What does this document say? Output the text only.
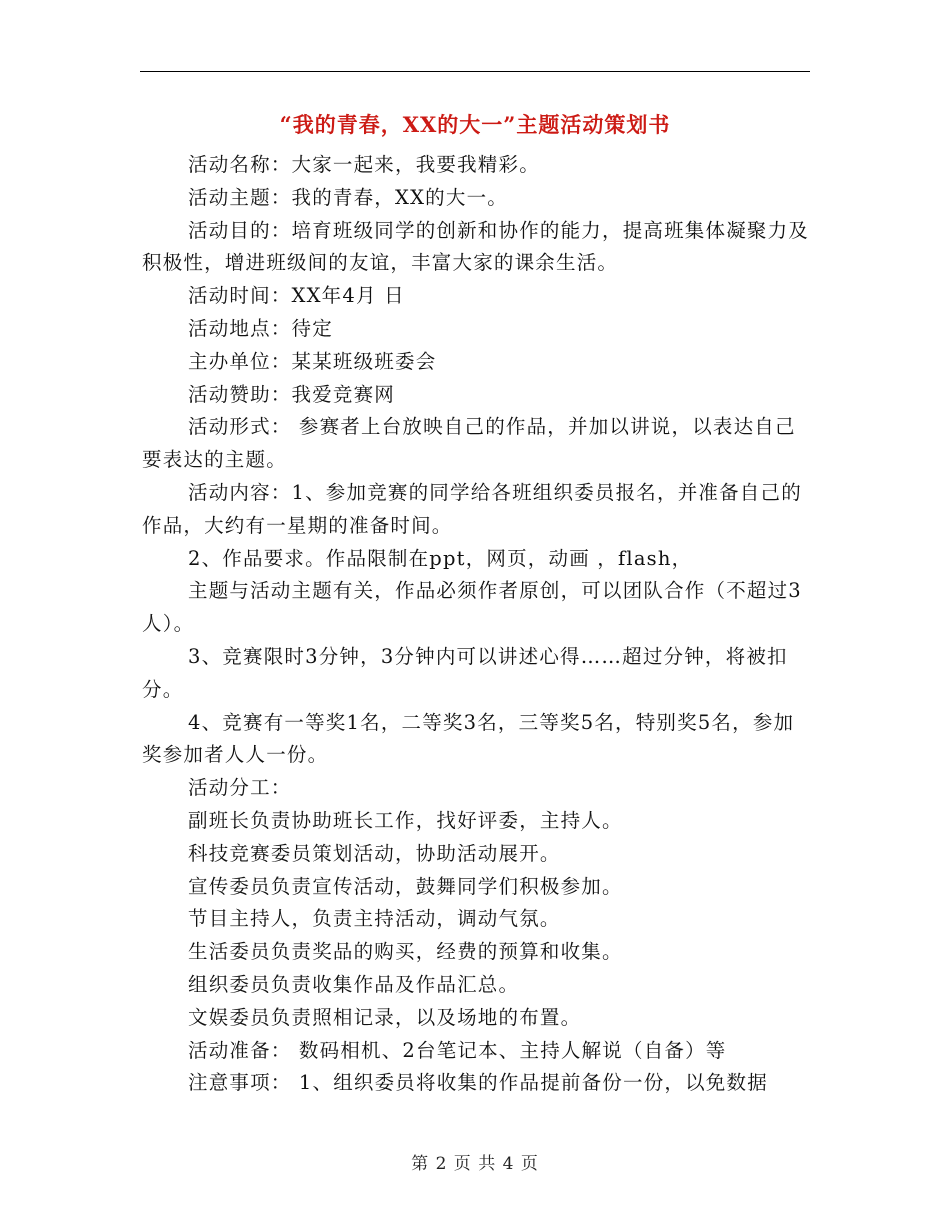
“我的青春，XX的大一”主题活动策划书

活动名称：大家一起来，我要我精彩。

活动主题：我的青春，XX的大一。

活动目的：培育班级同学的创新和协作的能力，提高班集体凝聚力及积极性，增进班级间的友谊，丰富大家的课余生活。

活动时间：XX年4月 日

活动地点：待定

主办单位：某某班级班委会

活动赞助：我爱竞赛网

活动形式： 参赛者上台放映自己的作品，并加以讲说，以表达自己要表达的主题。

活动内容：1、参加竞赛的同学给各班组织委员报名，并准备自己的作品，大约有一星期的准备时间。

2、作品要求。作品限制在ppt，网页，动画 ，flash，

主题与活动主题有关，作品必须作者原创，可以团队合作（不超过3人）。

3、竞赛限时3分钟，3分钟内可以讲述心得……超过分钟，将被扣分。

4、竞赛有一等奖1名，二等奖3名，三等奖5名，特别奖5名，参加奖参加者人人一份。

活动分工：

副班长负责协助班长工作，找好评委，主持人。

科技竞赛委员策划活动，协助活动展开。

宣传委员负责宣传活动，鼓舞同学们积极参加。

节目主持人，负责主持活动，调动气氛。

生活委员负责奖品的购买，经费的预算和收集。

组织委员负责收集作品及作品汇总。

文娱委员负责照相记录，以及场地的布置。

活动准备： 数码相机、2台笔记本、主持人解说（自备）等

注意事项： 1、组织委员将收集的作品提前备份一份，以免数据

第 2 页 共 4 页
